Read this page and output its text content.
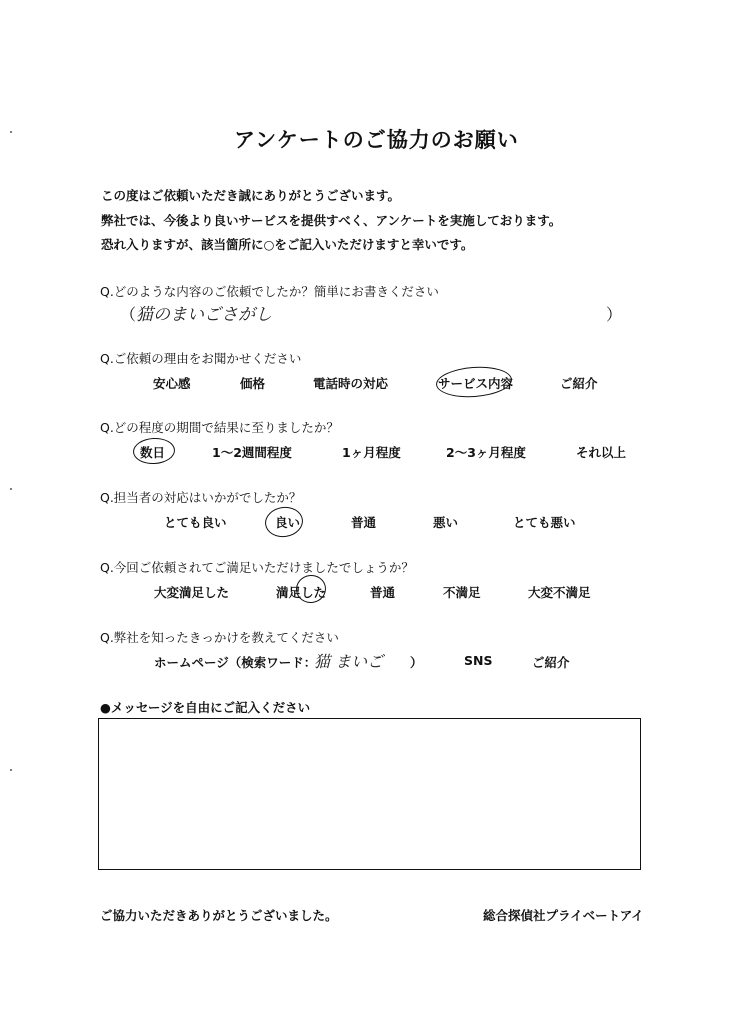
アンケートのご協力のお願い
この度はご依頼いただき誠にありがとうございます。
弊社では、今後より良いサービスを提供すべく、アンケートを実施しております。
恐れ入りますが、該当箇所に○をご記入いただけますと幸いです。
Q.どのような内容のご依頼でしたか？簡単にお書きください
（ 猫のまいごさがし	）
Q.ご依頼の理由をお聞かせください
安心感	価格	電話時の対応	サービス内容	ご紹介
Q.どの程度の期間で結果に至りましたか？
数日	1～2週間程度	1ヶ月程度	2～3ヶ月程度	それ以上
Q.担当者の対応はいかがでしたか？
とても良い	良い	普通	悪い	とても悪い
Q.今回ご依頼されてご満足いただけましたでしょうか？
大変満足した	満足した	普通	不満足	大変不満足
Q.弊社を知ったきっかけを教えてください
ホームページ（検索ワード：
猫 まいご ）	SNS	ご紹介
●メッセージを自由にご記入ください
ご協力いただきありがとうございました。	総合探偵社プライベートアイ
